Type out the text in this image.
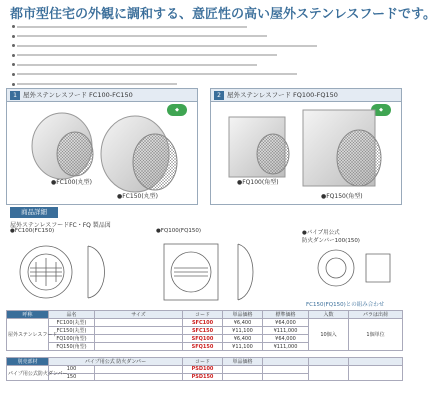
都市型住宅の外観に調和する、意匠性の高い屋外ステンレスフードです。
1 屋外ステンレスフード FC100-FC150
◆
●FC100(丸型)
●FC150(丸型)
2 屋外ステンレスフード FQ100-FQ150
◆
●FQ100(角型)
●FQ150(角型)
商品詳細
屋外ステンレスフードFC・FQ 製品図
●FC100(FC150)	●FQ100(FQ150)	●パイプ用公式
防火ダンパー100(150)
FC150(FQ150)との組み合わせ
呼称	品名	サイズ	コード	単品価格	標準価格	入数	パラは出荷
屋外ステンレスフード	FC100(丸型)		SFC100	¥6,400	¥64,000	10個入	1個単位
	FC150(丸型)		SFC150	¥11,100	¥111,000		
	FQ100(角型)		SFQ100	¥6,400	¥64,000		
	FQ150(角型)		SFQ150	¥11,100	¥111,000		
別売部材	パイプ用公式 防火ダンパー		コード	単品価格			
パイプ用公式防火ダンパー	100		PSD100				
	150		PSD150				
